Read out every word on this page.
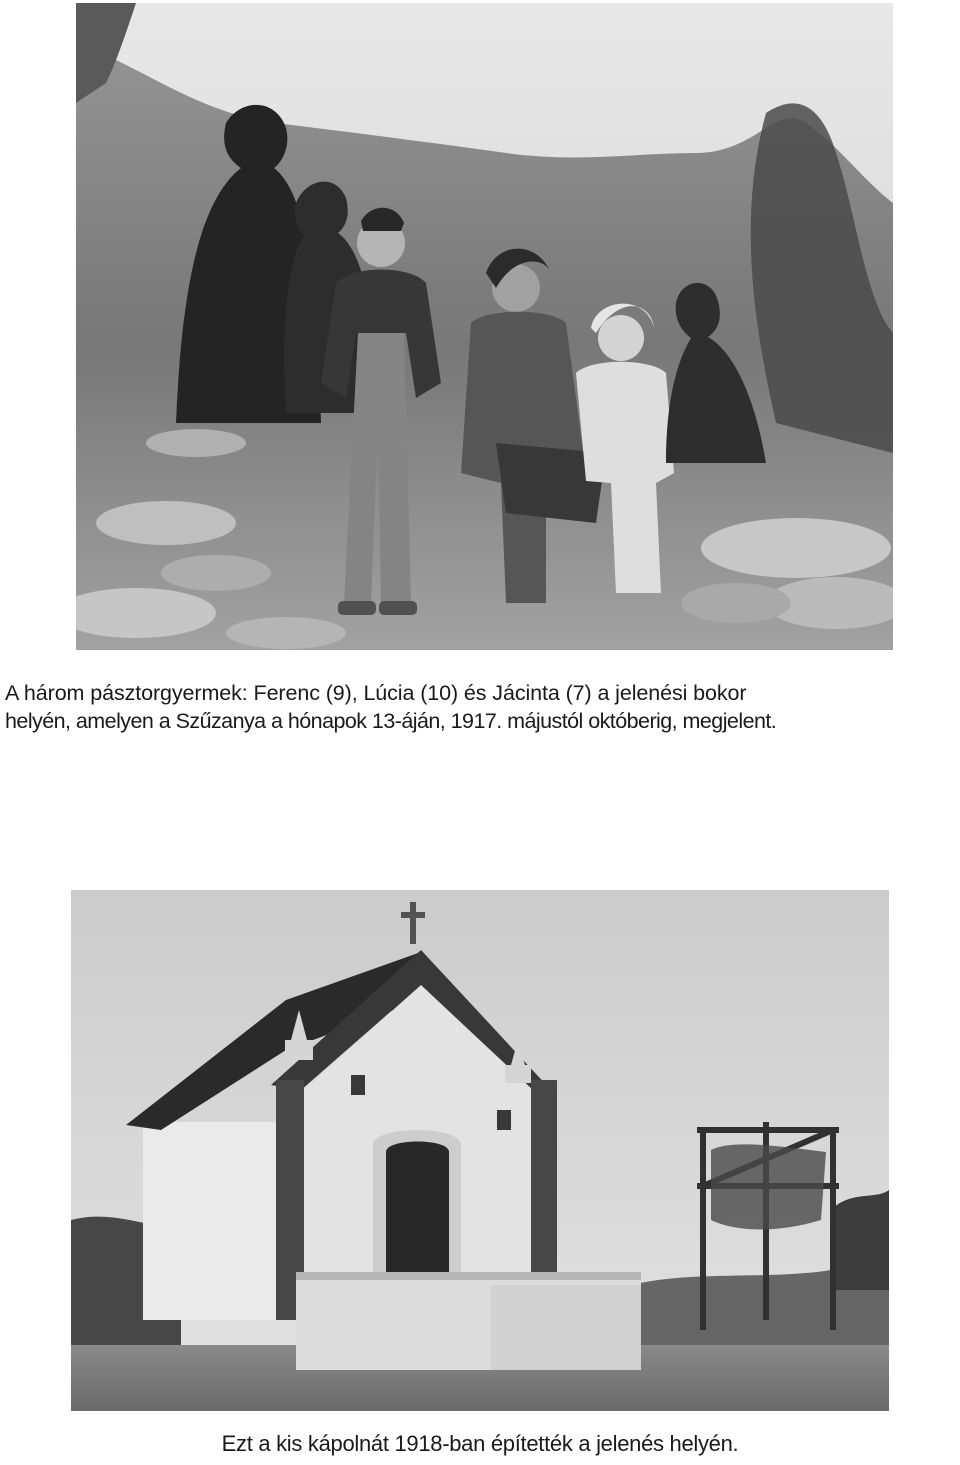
A három pásztorgyermek: Ferenc (9), Lúcia (10) és Jácinta (7) a jelenési bokor

helyén, amelyen a Szűzanya a hónapok 13-áján, 1917. májustól októberig, megjelent.

Ezt a kis kápolnát 1918-ban építették a jelenés helyén.
